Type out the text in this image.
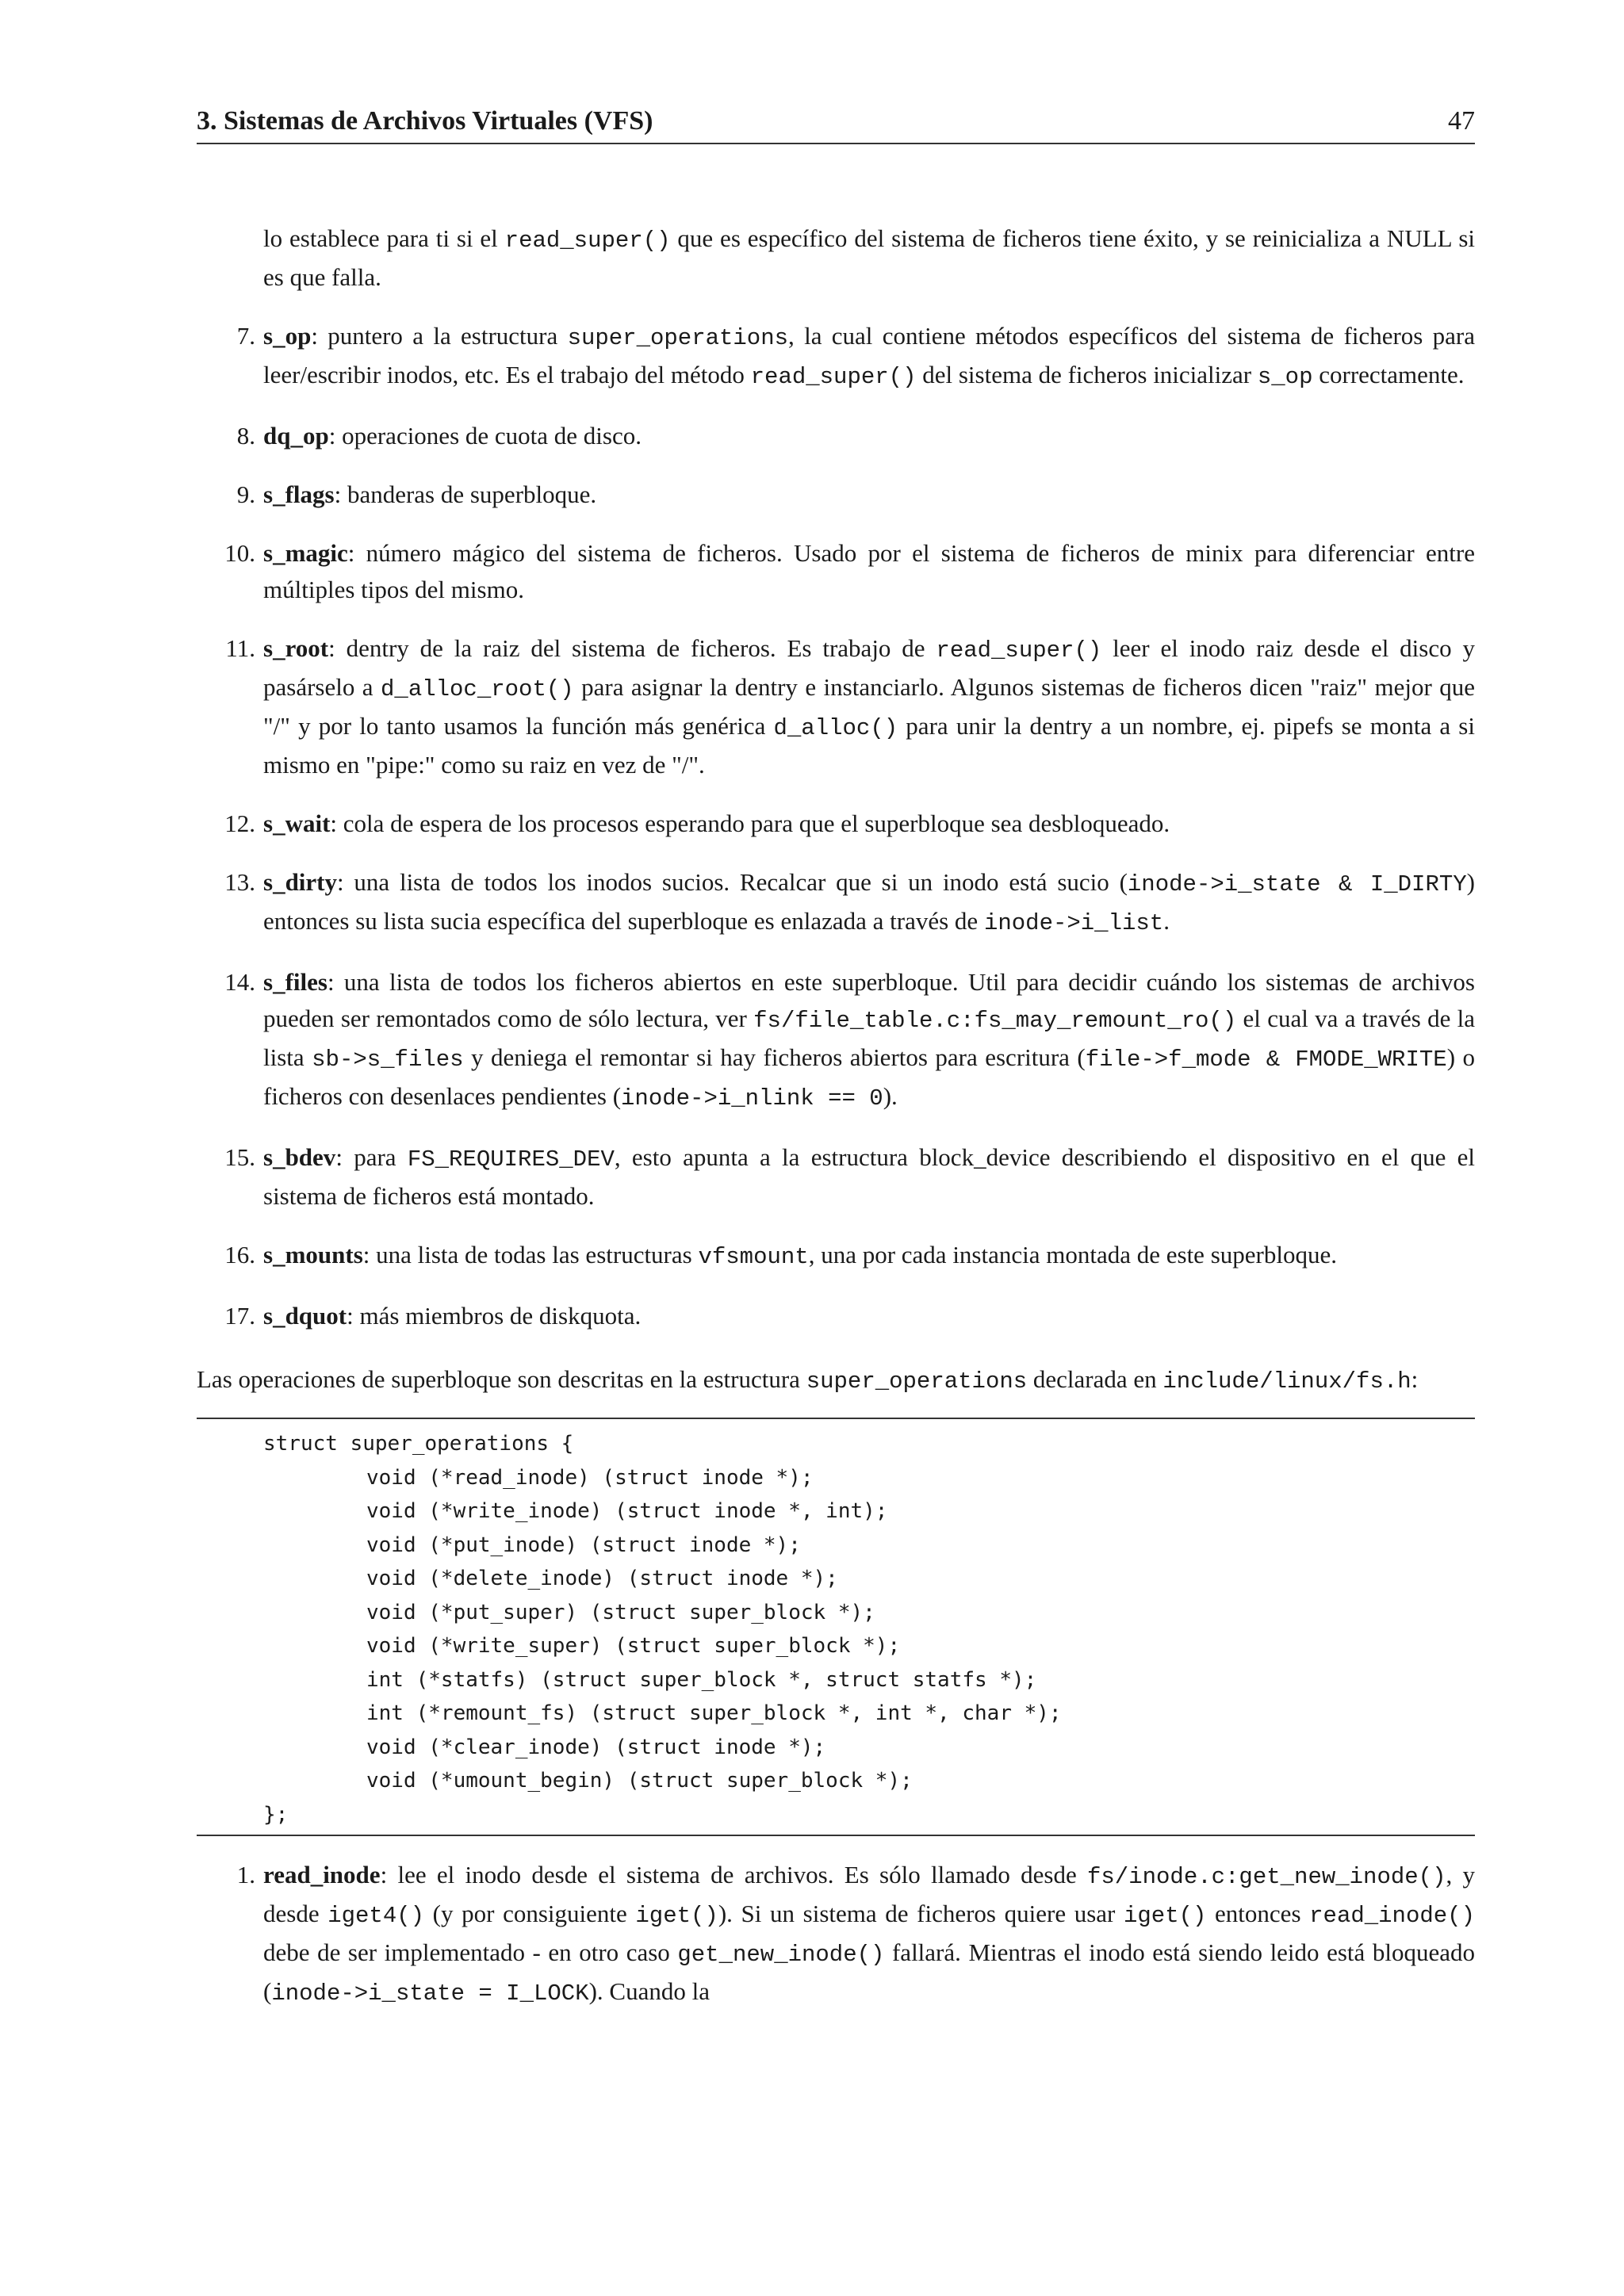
3. Sistemas de Archivos Virtuales (VFS)	47

lo establece para ti si el read_super() que es específico del sistema de ficheros tiene éxito, y se reinicializa a NULL si es que falla.

7. s_op: puntero a la estructura super_operations, la cual contiene métodos específicos del sistema de ficheros para leer/escribir inodos, etc. Es el trabajo del método read_super() del sistema de ficheros inicializar s_op correctamente.
8. dq_op: operaciones de cuota de disco.
9. s_flags: banderas de superbloque.
10. s_magic: número mágico del sistema de ficheros. Usado por el sistema de ficheros de minix para diferenciar entre múltiples tipos del mismo.
11. s_root: dentry de la raiz del sistema de ficheros. Es trabajo de read_super() leer el inodo raiz desde el disco y pasárselo a d_alloc_root() para asignar la dentry e instanciarlo. Algunos sistemas de ficheros dicen "raiz" mejor que "/" y por lo tanto usamos la función más genérica d_alloc() para unir la dentry a un nombre, ej. pipefs se monta a si mismo en "pipe:" como su raiz en vez de "/".
12. s_wait: cola de espera de los procesos esperando para que el superbloque sea desbloqueado.
13. s_dirty: una lista de todos los inodos sucios. Recalcar que si un inodo está sucio (inode->i_state & I_DIRTY) entonces su lista sucia específica del superbloque es enlazada a través de inode->i_list.
14. s_files: una lista de todos los ficheros abiertos en este superbloque. Util para decidir cuándo los sistemas de archivos pueden ser remontados como de sólo lectura, ver fs/file_table.c:fs_may_remount_ro() el cual va a través de la lista sb->s_files y deniega el remontar si hay ficheros abiertos para escritura (file->f_mode & FMODE_WRITE) o ficheros con desenlaces pendientes (inode->i_nlink == 0).
15. s_bdev: para FS_REQUIRES_DEV, esto apunta a la estructura block_device describiendo el dispositivo en el que el sistema de ficheros está montado.
16. s_mounts: una lista de todas las estructuras vfsmount, una por cada instancia montada de este superbloque.
17. s_dquot: más miembros de diskquota.

Las operaciones de superbloque son descritas en la estructura super_operations declarada en include/linux/fs.h:

struct super_operations {
void (*read_inode) (struct inode *);
void (*write_inode) (struct inode *, int);
void (*put_inode) (struct inode *);
void (*delete_inode) (struct inode *);
void (*put_super) (struct super_block *);
void (*write_super) (struct super_block *);
int (*statfs) (struct super_block *, struct statfs *);
int (*remount_fs) (struct super_block *, int *, char *);
void (*clear_inode) (struct inode *);
void (*umount_begin) (struct super_block *);
};
1. read_inode: lee el inodo desde el sistema de archivos. Es sólo llamado desde fs/inode.c:get_new_inode(), y desde iget4() (y por consiguiente iget()). Si un sistema de ficheros quiere usar iget() entonces read_inode() debe de ser implementado - en otro caso get_new_inode() fallará. Mientras el inodo está siendo leido está bloqueado (inode->i_state = I_LOCK). Cuando la
